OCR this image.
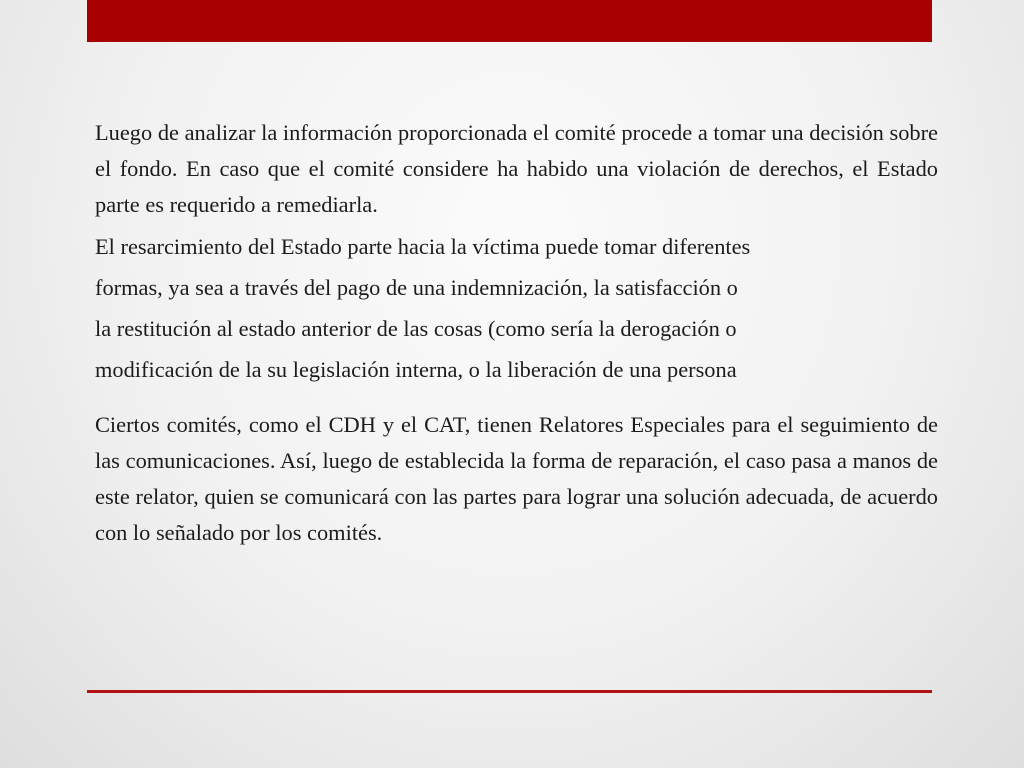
Luego de analizar la información proporcionada el comité procede a tomar una decisión sobre el fondo. En caso que el comité considere ha habido una violación de derechos, el Estado parte es requerido a remediarla.

El resarcimiento del Estado parte hacia la víctima puede tomar diferentes
formas, ya sea a través del pago de una indemnización, la satisfacción o
la restitución al estado anterior de las cosas (como sería la derogación o
modificación de la su legislación interna, o la liberación de una persona

Ciertos comités, como el CDH y el CAT, tienen Relatores Especiales para el seguimiento de las comunicaciones. Así, luego de establecida la forma de reparación, el caso pasa a manos de este relator, quien se comunicará con las partes para lograr una solución adecuada, de acuerdo con lo señalado por los comités.
